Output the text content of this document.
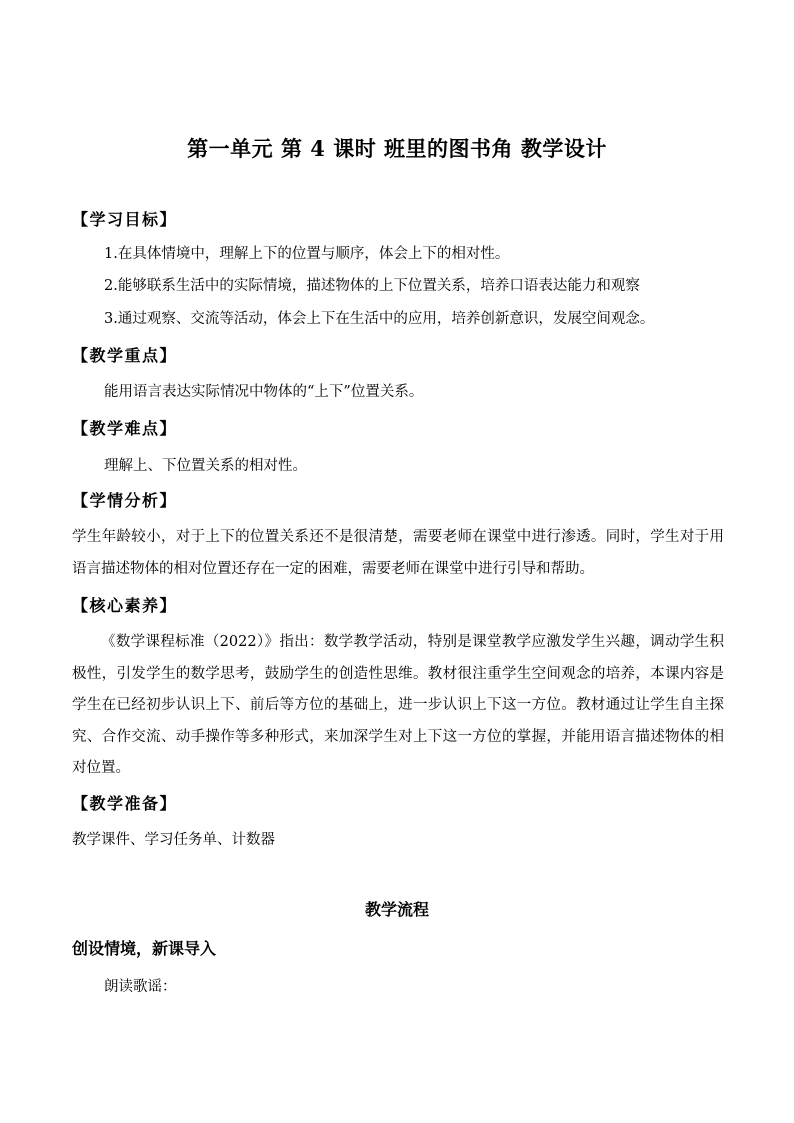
第一单元 第 4 课时 班里的图书角 教学设计
【学习目标】
1.在具体情境中，理解上下的位置与顺序，体会上下的相对性。
2.能够联系生活中的实际情境，描述物体的上下位置关系，培养口语表达能力和观察
3.通过观察、交流等活动，体会上下在生活中的应用，培养创新意识，发展空间观念。
【教学重点】
能用语言表达实际情况中物体的“上下”位置关系。
【教学难点】
理解上、下位置关系的相对性。
【学情分析】
学生年龄较小，对于上下的位置关系还不是很清楚，需要老师在课堂中进行渗透。同时，学生对于用语言描述物体的相对位置还存在一定的困难，需要老师在课堂中进行引导和帮助。
【核心素养】
《数学课程标准（2022）》指出：数学教学活动，特别是课堂教学应激发学生兴趣，调动学生积极性，引发学生的数学思考，鼓励学生的创造性思维。教材很注重学生空间观念的培养，本课内容是学生在已经初步认识上下、前后等方位的基础上，进一步认识上下这一方位。教材通过让学生自主探究、合作交流、动手操作等多种形式，来加深学生对上下这一方位的掌握，并能用语言描述物体的相对位置。
【教学准备】
教学课件、学习任务单、计数器
教学流程
创设情境，新课导入
朗读歌谣：
